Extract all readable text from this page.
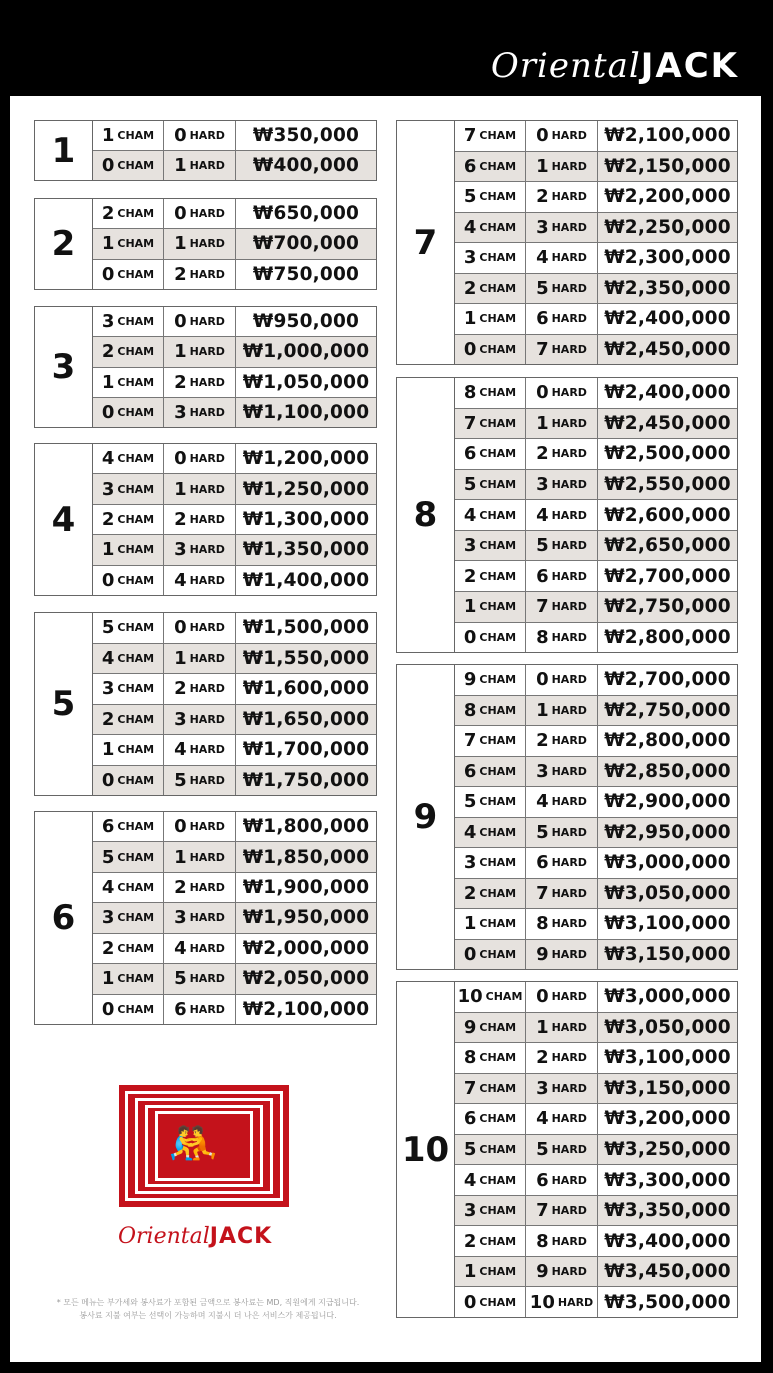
OrientalJACK
1	1 CHAM 0 HARD ₩350,000
0 CHAM 1 HARD ₩400,000
2
2 CHAM 0 HARD ₩650,000
1 CHAM 1 HARD ₩700,000
0 CHAM 2 HARD ₩750,000
3
3 CHAM 0 HARD ₩950,000
2 CHAM 1 HARD ₩1,000,000
1 CHAM 2 HARD ₩1,050,000
0 CHAM 3 HARD ₩1,100,000
4
4 CHAM 0 HARD ₩1,200,000
3 CHAM 1 HARD ₩1,250,000
2 CHAM 2 HARD ₩1,300,000
1 CHAM 3 HARD ₩1,350,000
0 CHAM 4 HARD ₩1,400,000
5
5 CHAM 0 HARD ₩1,500,000
4 CHAM 1 HARD ₩1,550,000
3 CHAM 2 HARD ₩1,600,000
2 CHAM 3 HARD ₩1,650,000
1 CHAM 4 HARD ₩1,700,000
0 CHAM 5 HARD ₩1,750,000
6
6 CHAM 0 HARD ₩1,800,000
5 CHAM 1 HARD ₩1,850,000
4 CHAM 2 HARD ₩1,900,000
3 CHAM 3 HARD ₩1,950,000
2 CHAM 4 HARD ₩2,000,000
1 CHAM 5 HARD ₩2,050,000
0 CHAM 6 HARD ₩2,100,000
7
7 CHAM 0 HARD ₩2,100,000
6 CHAM 1 HARD ₩2,150,000
5 CHAM 2 HARD ₩2,200,000
4 CHAM 3 HARD ₩2,250,000
3 CHAM 4 HARD ₩2,300,000
2 CHAM 5 HARD ₩2,350,000
1 CHAM 6 HARD ₩2,400,000
0 CHAM 7 HARD ₩2,450,000
8
8 CHAM 0 HARD ₩2,400,000
7 CHAM 1 HARD ₩2,450,000
6 CHAM 2 HARD ₩2,500,000
5 CHAM 3 HARD ₩2,550,000
4 CHAM 4 HARD ₩2,600,000
3 CHAM 5 HARD ₩2,650,000
2 CHAM 6 HARD ₩2,700,000
1 CHAM 7 HARD ₩2,750,000
0 CHAM 8 HARD ₩2,800,000
9
9 CHAM 0 HARD ₩2,700,000
8 CHAM 1 HARD ₩2,750,000
7 CHAM 2 HARD ₩2,800,000
6 CHAM 3 HARD ₩2,850,000
5 CHAM 4 HARD ₩2,900,000
4 CHAM 5 HARD ₩2,950,000
3 CHAM 6 HARD ₩3,000,000
2 CHAM 7 HARD ₩3,050,000
1 CHAM 8 HARD ₩3,100,000
0 CHAM 9 HARD ₩3,150,000
10
10 CHAM 0 HARD ₩3,000,000
9 CHAM 1 HARD ₩3,050,000
8 CHAM 2 HARD ₩3,100,000
7 CHAM 3 HARD ₩3,150,000
6 CHAM 4 HARD ₩3,200,000
5 CHAM 5 HARD ₩3,250,000
4 CHAM 6 HARD ₩3,300,000
3 CHAM 7 HARD ₩3,350,000
2 CHAM 8 HARD ₩3,400,000
1 CHAM 9 HARD ₩3,450,000
0 CHAM 10 HARD ₩3,500,000
🤼
OrientalJACK
* 모든 메뉴는 부가세와 봉사료가 포함된 금액으로 봉사료는 MD, 직원에게 지급됩니다.
봉사료 지불 여부는 선택이 가능하며 지불시 더 나은 서비스가 제공됩니다.
